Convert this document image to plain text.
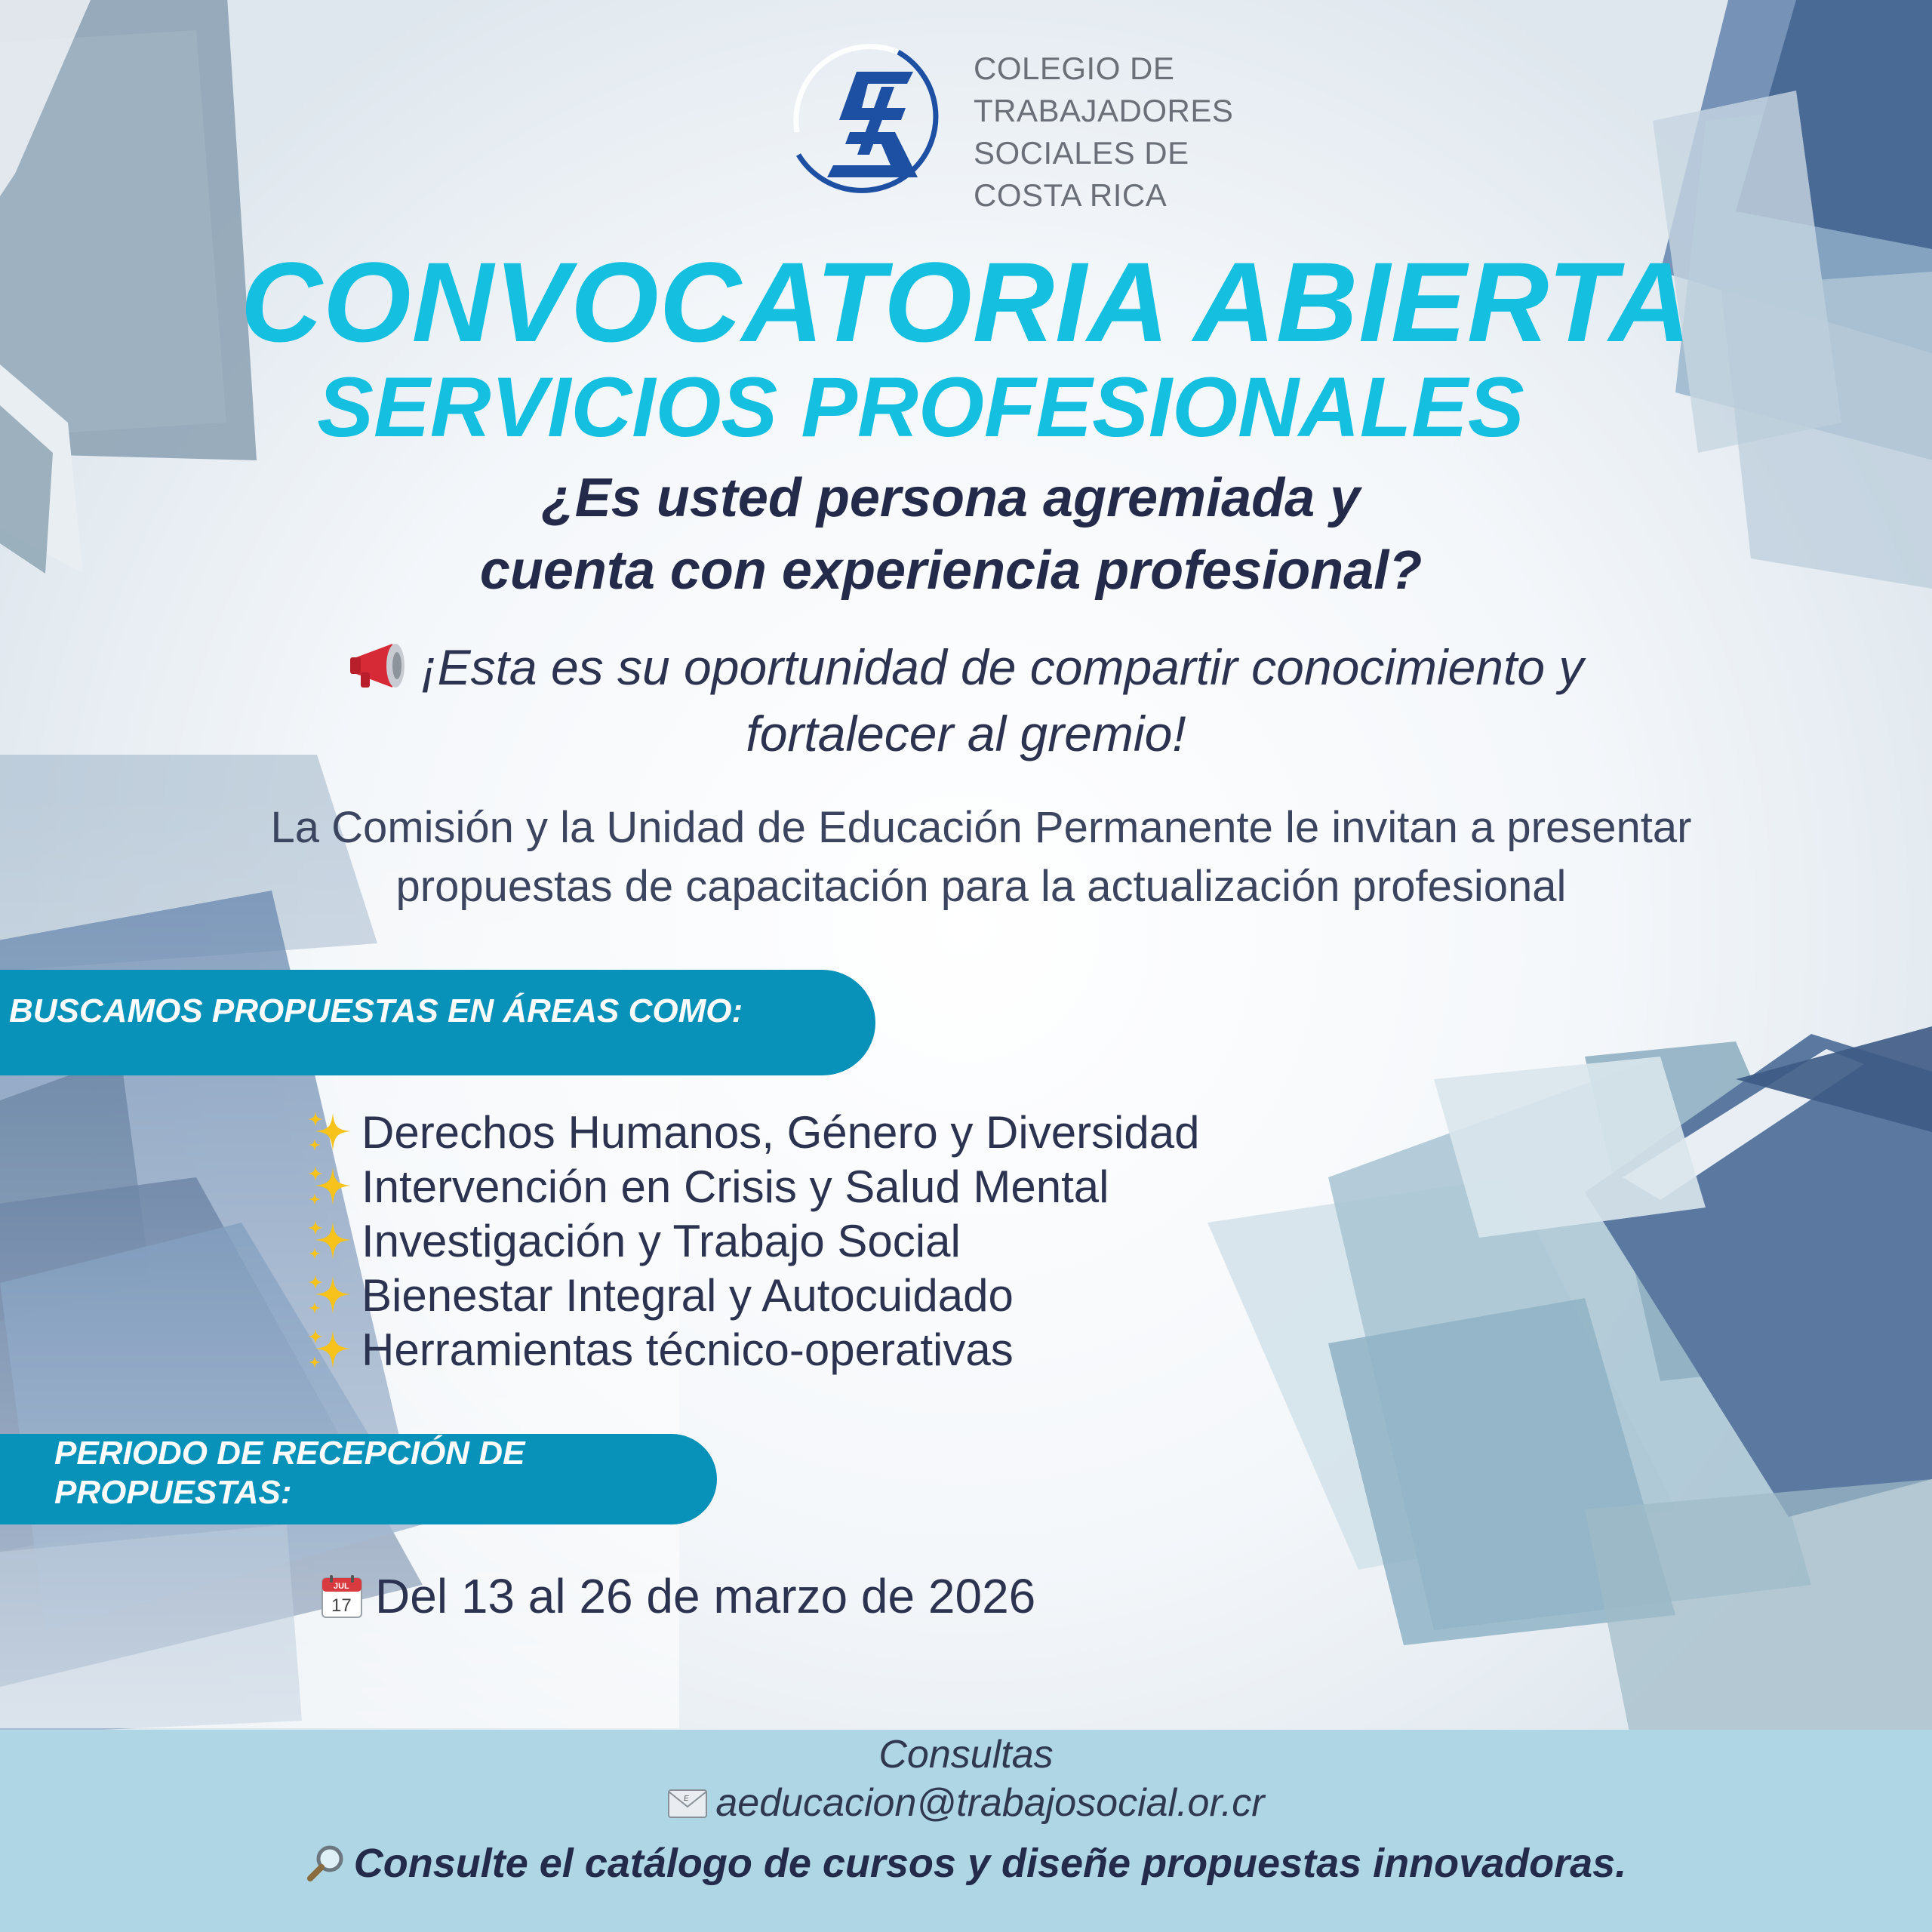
COLEGIO DE
TRABAJADORES
SOCIALES DE
COSTA RICA
CONVOCATORIA ABIERTA
SERVICIOS PROFESIONALES
¿Es usted persona agremiada y
cuenta con experiencia profesional?
¡Esta es su oportunidad de compartir conocimiento y
fortalecer al gremio!
La Comisión y la Unidad de Educación Permanente le invitan a presentar
propuestas de capacitación para la actualización profesional
BUSCAMOS PROPUESTAS EN ÁREAS COMO:
Derechos Humanos, Género y Diversidad
Intervención en Crisis y Salud Mental
Investigación y Trabajo Social
Bienestar Integral y Autocuidado
Herramientas técnico-operativas
PERIODO DE RECEPCIÓN DE
PROPUESTAS:
JUL
17 Del 13 al 26 de marzo de 2026
Consultas
E aeducacion@trabajosocial.or.cr
Consulte el catálogo de cursos y diseñe propuestas innovadoras.
